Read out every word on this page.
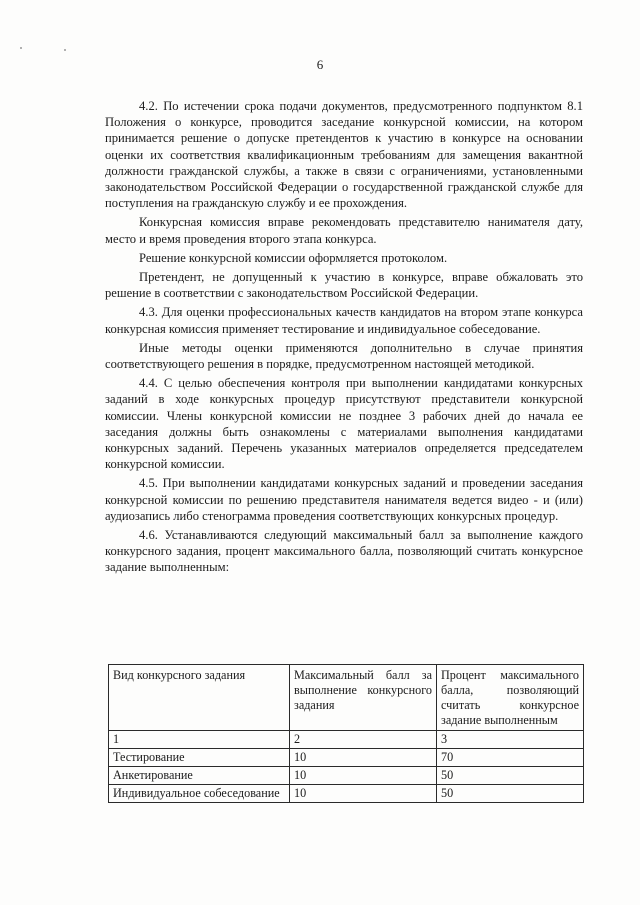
6

4.2. По истечении срока подачи документов, предусмотренного подпунктом 8.1 Положения о конкурсе, проводится заседание конкурсной комиссии, на котором принимается решение о допуске претендентов к участию в конкурсе на основании оценки их соответствия квалификационным требованиям для замещения вакантной должности гражданской службы, а также в связи с ограничениями, установленными законодательством Российской Федерации о государственной гражданской службе для поступления на гражданскую службу и ее прохождения.

Конкурсная комиссия вправе рекомендовать представителю нанимателя дату, место и время проведения второго этапа конкурса.

Решение конкурсной комиссии оформляется протоколом.

Претендент, не допущенный к участию в конкурсе, вправе обжаловать это решение в соответствии с законодательством Российской Федерации.

4.3. Для оценки профессиональных качеств кандидатов на втором этапе конкурса конкурсная комиссия применяет тестирование и индивидуальное собеседование.

Иные методы оценки применяются дополнительно в случае принятия соответствующего решения в порядке, предусмотренном настоящей методикой.

4.4. С целью обеспечения контроля при выполнении кандидатами конкурсных заданий в ходе конкурсных процедур присутствуют представители конкурсной комиссии. Члены конкурсной комиссии не позднее 3 рабочих дней до начала ее заседания должны быть ознакомлены с материалами выполнения кандидатами конкурсных заданий. Перечень указанных материалов определяется председателем конкурсной комиссии.

4.5. При выполнении кандидатами конкурсных заданий и проведении заседания конкурсной комиссии по решению представителя нанимателя ведется видео - и (или) аудиозапись либо стенограмма проведения соответствующих конкурсных процедур.

4.6. Устанавливаются следующий максимальный балл за выполнение каждого конкурсного задания, процент максимального балла, позволяющий считать конкурсное задание выполненным:

Вид конкурсного задания	Максимальный балл за выполнение конкурсного задания	Процент максимального балла, позволяющий считать конкурсное задание выполненным
1	2	3
Тестирование	10	70
Анкетирование	10	50
Индивидуальное собеседование	10	50
